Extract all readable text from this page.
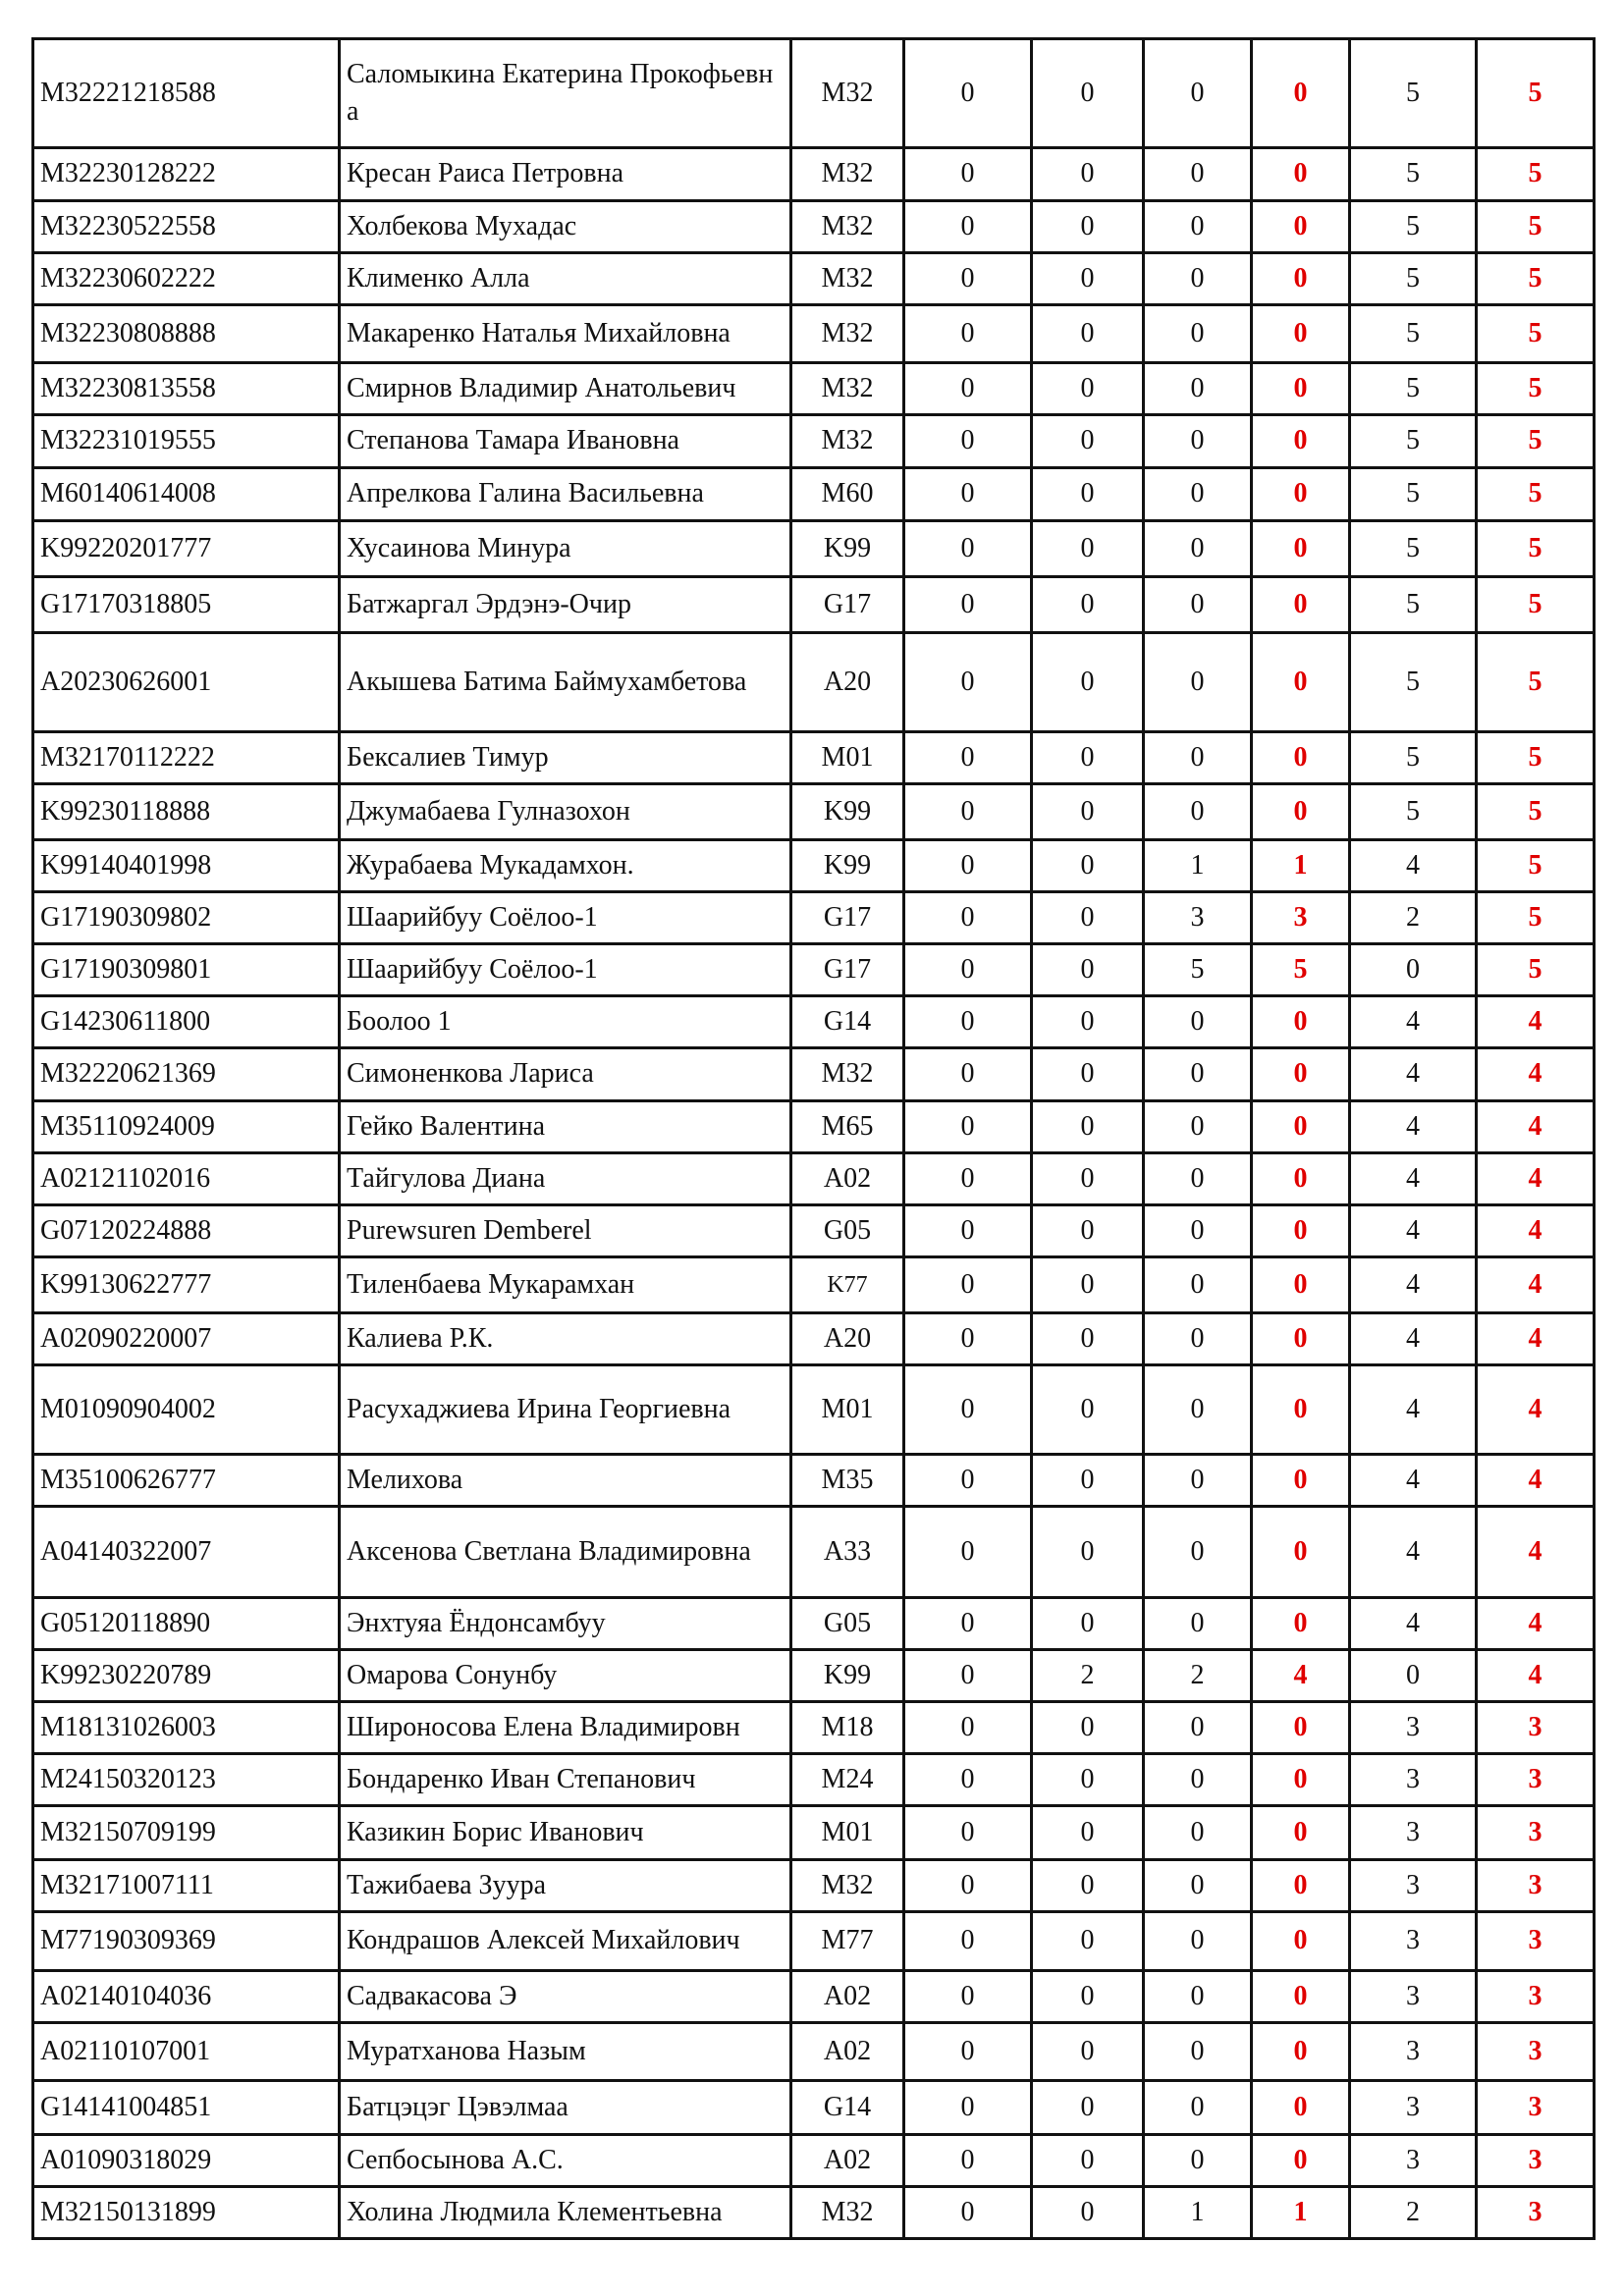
M32221218588	Саломыкина Екатерина Прокофьевна	M32	0	0	0	0	5	5
M32230128222	Кресан Раиса Петровна	M32	0	0	0	0	5	5
M32230522558	Холбекова Мухадас	M32	0	0	0	0	5	5
M32230602222	Клименко Алла	M32	0	0	0	0	5	5
M32230808888	Макаренко Наталья Михайловна	M32	0	0	0	0	5	5
M32230813558	Смирнов Владимир Анатольевич	M32	0	0	0	0	5	5
M32231019555	Степанова Тамара Ивановна	M32	0	0	0	0	5	5
M60140614008	Апрелкова Галина Васильевна	M60	0	0	0	0	5	5
K99220201777	Хусаинова Минура	K99	0	0	0	0	5	5
G17170318805	Батжаргал Эрдэнэ-Очир	G17	0	0	0	0	5	5
A20230626001	Акышева Батима Баймухамбетова	A20	0	0	0	0	5	5
M32170112222	Бексалиев Тимур	M01	0	0	0	0	5	5
K99230118888	Джумабаева Гулназохон	K99	0	0	0	0	5	5
K99140401998	Журабаева Мукадамхон.	K99	0	0	1	1	4	5
G17190309802	Шаарийбуу Соёлоо-1	G17	0	0	3	3	2	5
G17190309801	Шаарийбуу Соёлоо-1	G17	0	0	5	5	0	5
G14230611800	Боолоо 1	G14	0	0	0	0	4	4
M32220621369	Симоненкова Лариса	M32	0	0	0	0	4	4
M35110924009	Гейко Валентина	M65	0	0	0	0	4	4
A02121102016	Тайгулова Диана	A02	0	0	0	0	4	4
G07120224888	Purewsuren Demberel	G05	0	0	0	0	4	4
K99130622777	Тиленбаева Мукарамхан	K77	0	0	0	0	4	4
A02090220007	Калиева Р.К.	A20	0	0	0	0	4	4
M01090904002	Расухаджиева Ирина Георгиевна	M01	0	0	0	0	4	4
M35100626777	Мелихова	M35	0	0	0	0	4	4
A04140322007	Аксенова Светлана Владимировна	A33	0	0	0	0	4	4
G05120118890	Энхтуяа Ёндонсамбуу	G05	0	0	0	0	4	4
K99230220789	Омарова Сонунбу	K99	0	2	2	4	0	4
M18131026003	Широносова Елена Владимировн	M18	0	0	0	0	3	3
M24150320123	Бондаренко Иван Степанович	M24	0	0	0	0	3	3
M32150709199	Казикин Борис Иванович	M01	0	0	0	0	3	3
M32171007111	Тажибаева Зуура	M32	0	0	0	0	3	3
M77190309369	Кондрашов Алексей Михайлович	M77	0	0	0	0	3	3
A02140104036	Садвакасова Э	A02	0	0	0	0	3	3
A02110107001	Муратханова Назым	A02	0	0	0	0	3	3
G14141004851	Батцэцэг Цэвэлмаа	G14	0	0	0	0	3	3
A01090318029	Сепбосынова А.С.	A02	0	0	0	0	3	3
M32150131899	Холина Людмила Клементьевна	M32	0	0	1	1	2	3
